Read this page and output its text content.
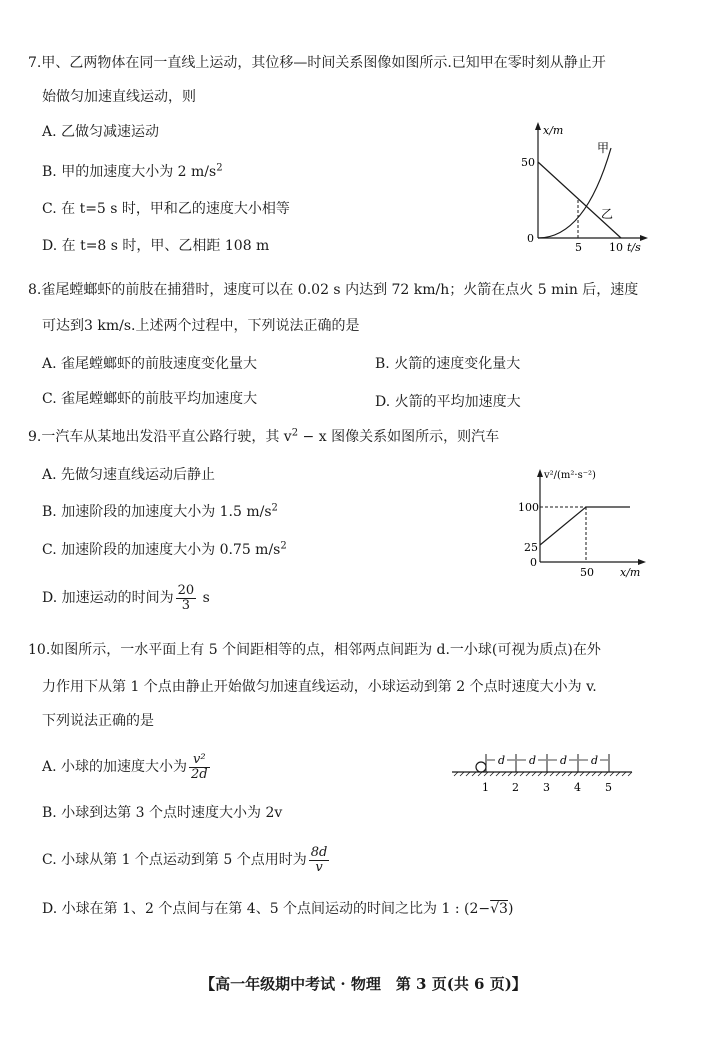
7.甲、乙两物体在同一直线上运动，其位移—时间关系图像如图所示.已知甲在零时刻从静止开
始做匀加速直线运动，则
A. 乙做匀减速运动
B. 甲的加速度大小为 2 $m/s^2$
C. 在 t=5 s 时，甲和乙的速度大小相等
D. 在 t=8 s 时，甲、乙相距 108 m
x/m
t/s
50
0
5 10
甲
乙
8.雀尾螳螂虾的前肢在捕猎时，速度可以在 0.02 s 内达到 72 km/h；火箭在点火 5 min 后，速度
可达到3 km/s.上述两个过程中，下列说法正确的是
A. 雀尾螳螂虾的前肢速度变化量大	B. 火箭的速度变化量大
C. 雀尾螳螂虾的前肢平均加速度大	D. 火箭的平均加速度大
9.一汽车从某地出发沿平直公路行驶，其 $v^2 - x$ 图像关系如图所示，则汽车
A. 先做匀速直线运动后静止
B. 加速阶段的加速度大小为 1.5 $m/s^2$
C. 加速阶段的加速度大小为 0.75 $m/s^2$
D. 加速运动的时间为 $\frac{20}{3}$ s
v²/(m²·s⁻²)
x/m
100
25
0
50
10.如图所示，一水平面上有 5 个间距相等的点，相邻两点间距为 d.一小球(可视为质点)在外
力作用下从第 1 个点由静止开始做匀加速直线运动，小球运动到第 2 个点时速度大小为 v.
下列说法正确的是
A. 小球的加速度大小为 $\frac{\text{v²}}{2d}$
B. 小球到达第 3 个点时速度大小为 2v
C. 小球从第 1 个点运动到第 5 个点用时为 $\frac{8d}{v}$
D. 小球在第 1、2 个点间与在第 4、5 个点间运动的时间之比为 1 : (2−√3)
d d d d
1 2 3 4 5
【高一年级期中考试 · 物理　第 3 页(共 6 页)】
